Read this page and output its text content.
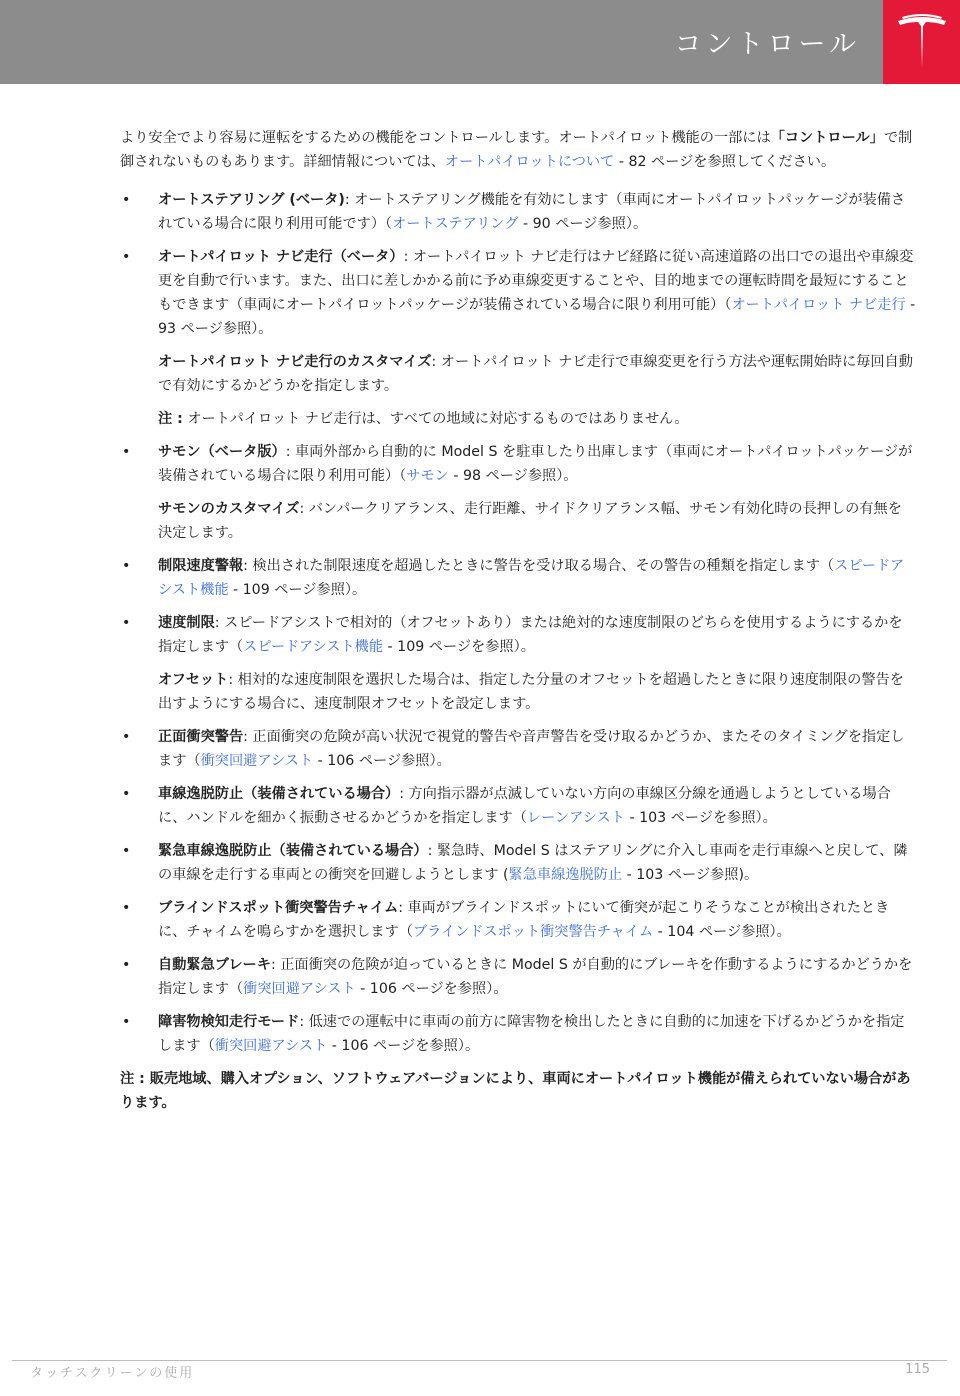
コントロール

より安全でより容易に運転をするための機能をコントロールします。オートパイロット機能の一部には「コントロール」で制御されないものもあります。詳細情報については、オートパイロットについて - 82 ページを参照してください。

• オートステアリング (ベータ): オートステアリング機能を有効にします（車両にオートパイロットパッケージが装備されている場合に限り利用可能です）（オートステアリング - 90 ページ参照）。
• オートパイロット ナビ走行（ベータ）: オートパイロット ナビ走行はナビ経路に従い高速道路の出口での退出や車線変更を自動で行います。また、出口に差しかかる前に予め車線変更することや、目的地までの運転時間を最短にすることもできます（車両にオートパイロットパッケージが装備されている場合に限り利用可能）（オートパイロット ナビ走行 - 93 ページ参照）。

オートパイロット ナビ走行のカスタマイズ: オートパイロット ナビ走行で車線変更を行う方法や運転開始時に毎回自動で有効にするかどうかを指定します。

注 : オートパイロット ナビ走行は、すべての地域に対応するものではありません。

• サモン（ベータ版）: 車両外部から自動的に Model S を駐車したり出庫します（車両にオートパイロットパッケージが装備されている場合に限り利用可能）（サモン - 98 ページ参照）。

サモンのカスタマイズ: バンパークリアランス、走行距離、サイドクリアランス幅、サモン有効化時の長押しの有無を決定します。

• 制限速度警報: 検出された制限速度を超過したときに警告を受け取る場合、その警告の種類を指定します（スピードアシスト機能 - 109 ページ参照）。
• 速度制限: スピードアシストで相対的（オフセットあり）または絶対的な速度制限のどちらを使用するようにするかを指定します（スピードアシスト機能 - 109 ページを参照）。

オフセット: 相対的な速度制限を選択した場合は、指定した分量のオフセットを超過したときに限り速度制限の警告を出すようにする場合に、速度制限オフセットを設定します。

• 正面衝突警告: 正面衝突の危険が高い状況で視覚的警告や音声警告を受け取るかどうか、またそのタイミングを指定します（衝突回避アシスト - 106 ページ参照）。
• 車線逸脱防止（装備されている場合）: 方向指示器が点滅していない方向の車線区分線を通過しようとしている場合に、ハンドルを細かく振動させるかどうかを指定します（レーンアシスト - 103 ページを参照）。
• 緊急車線逸脱防止（装備されている場合）: 緊急時、Model S はステアリングに介入し車両を走行車線へと戻して、隣の車線を走行する車両との衝突を回避しようとします (緊急車線逸脱防止 - 103 ページ参照)。
• ブラインドスポット衝突警告チャイム: 車両がブラインドスポットにいて衝突が起こりそうなことが検出されたときに、チャイムを鳴らすかを選択します（ブラインドスポット衝突警告チャイム - 104 ページ参照）。
• 自動緊急ブレーキ: 正面衝突の危険が迫っているときに Model S が自動的にブレーキを作動するようにするかどうかを指定します（衝突回避アシスト - 106 ページを参照）。
• 障害物検知走行モード: 低速での運転中に車両の前方に障害物を検出したときに自動的に加速を下げるかどうかを指定します（衝突回避アシスト - 106 ページを参照）。

注 : 販売地域、購入オプション、ソフトウェアバージョンにより、車両にオートパイロット機能が備えられていない場合があります。

タッチスクリーンの使用	115
